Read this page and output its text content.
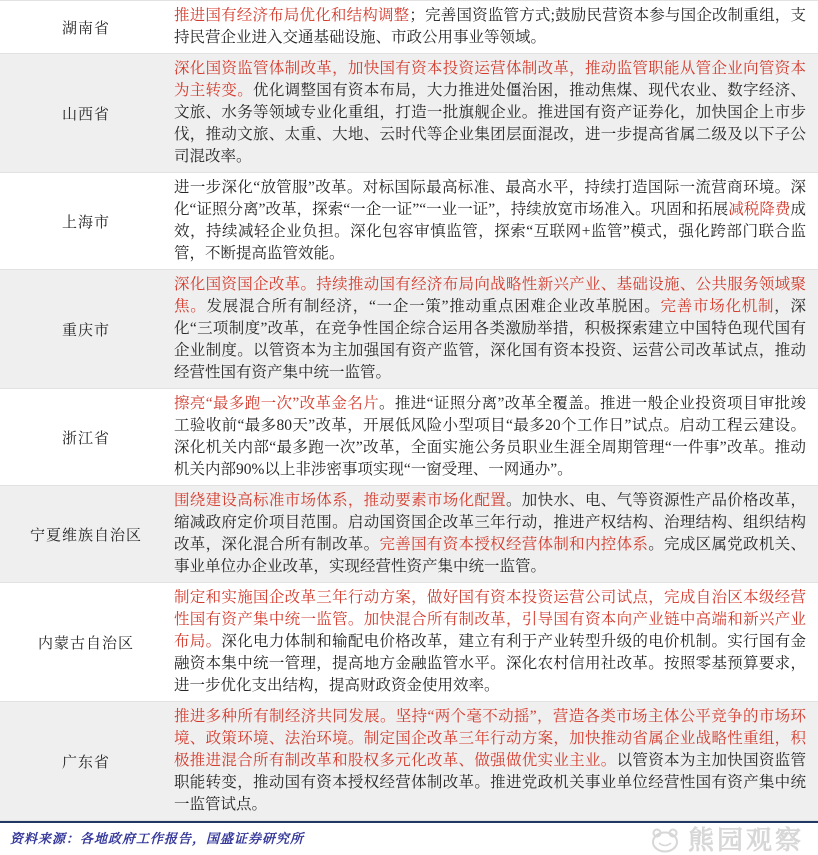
湖南省
推进国有经济布局优化和结构调整；完善国资监管方式;鼓励民营资本参与国企改制重组，支持民营企业进入交通基础设施、市政公用事业等领域。
山西省
深化国资监管体制改革，加快国有资本投资运营体制改革，推动监管职能从管企业向管资本为主转变。优化调整国有资本布局，大力推进处僵治困，推动焦煤、现代农业、数字经济、文旅、水务等领域专业化重组，打造一批旗舰企业。推进国有资产证券化，加快国企上市步伐，推动文旅、太重、大地、云时代等企业集团层面混改，进一步提高省属二级及以下子公司混改率。
上海市
进一步深化“放管服”改革。对标国际最高标准、最高水平，持续打造国际一流营商环境。深化“证照分离”改革，探索“一企一证”“一业一证”，持续放宽市场准入。巩固和拓展减税降费成效，持续减轻企业负担。深化包容审慎监管，探索“互联网+监管”模式，强化跨部门联合监管，不断提高监管效能。
重庆市
深化国资国企改革。持续推动国有经济布局向战略性新兴产业、基础设施、公共服务领域聚焦。发展混合所有制经济，“一企一策”推动重点困难企业改革脱困。完善市场化机制，深化“三项制度”改革，在竞争性国企综合运用各类激励举措，积极探索建立中国特色现代国有企业制度。以管资本为主加强国有资产监管，深化国有资本投资、运营公司改革试点，推动经营性国有资产集中统一监管。
浙江省
擦亮“最多跑一次”改革金名片。推进“证照分离”改革全覆盖。推进一般企业投资项目审批竣工验收前“最多80天”改革，开展低风险小型项目“最多20个工作日”试点。启动工程云建设。深化机关内部“最多跑一次”改革，全面实施公务员职业生涯全周期管理“一件事”改革。推动机关内部90%以上非涉密事项实现“一窗受理、一网通办”。
宁夏维族自治区
围绕建设高标准市场体系，推动要素市场化配置。加快水、电、气等资源性产品价格改革，缩减政府定价项目范围。启动国资国企改革三年行动，推进产权结构、治理结构、组织结构改革，深化混合所有制改革。完善国有资本授权经营体制和内控体系。完成区属党政机关、事业单位办企业改革，实现经营性资产集中统一监管。
内蒙古自治区
制定和实施国企改革三年行动方案，做好国有资本投资运营公司试点，完成自治区本级经营性国有资产集中统一监管。加快混合所有制改革，引导国有资本向产业链中高端和新兴产业布局。深化电力体制和输配电价格改革，建立有利于产业转型升级的电价机制。实行国有金融资本集中统一管理，提高地方金融监管水平。深化农村信用社改革。按照零基预算要求，进一步优化支出结构，提高财政资金使用效率。
广东省
推进多种所有制经济共同发展。坚持“两个毫不动摇”，营造各类市场主体公平竞争的市场环境、政策环境、法治环境。制定国企改革三年行动方案，加快推动省属企业战略性重组，积极推进混合所有制改革和股权多元化改革、做强做优实业主业。以管资本为主加快国资监管职能转变，推动国有资本授权经营体制改革。推进党政机关事业单位经营性国有资产集中统一监管试点。
资料来源：各地政府工作报告，国盛证券研究所	熊园观察
